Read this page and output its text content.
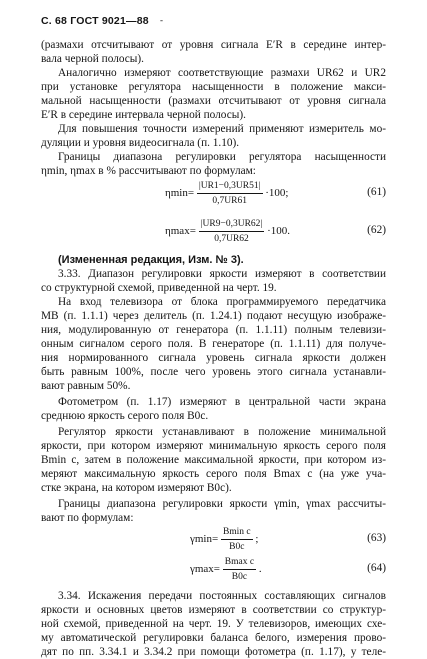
С. 68 ГОСТ 9021—88 -
(размахи отсчитывают от уровня сигнала E′R в середине интер-
вала черной полосы).
Аналогично измеряют соответствующие размахи UR62 и UR2
при установке регулятора насыщенности в положение макси-
мальной насыщенности (размахи отсчитывают от уровня сигнала
E′R в середине интервала черной полосы).
Для повышения точности измерений применяют измеритель мо-
дуляции и уровня видеосигнала (п. 1.10).
Границы диапазона регулировки регулятора насыщенности
ηmin, ηmax в % рассчитывают по формулам:
$\eta\min= \frac{|UR1-0,3UR51|}{0,7UR61} \cdot 100$;	(61)
$\eta\max= \frac{|UR9-0,3UR62|}{0,7UR62} \cdot 100$.	(62)
(Измененная редакция, Изм. № 3).
3.33. Диапазон регулировки яркости измеряют в соответствии
со структурной схемой, приведенной на черт. 19.
На вход телевизора от блока программируемого передатчика
МВ (п. 1.1.1) через делитель (п. 1.24.1) подают несущую изображе-
ния, модулированную от генератора (п. 1.1.11) полным телевизи-
онным сигналом серого поля. В генераторе (п. 1.1.11) для получе-
ния нормированного сигнала уровень сигнала яркости должен
быть равным 100%, после чего уровень этого сигнала устанавли-
вают равным 50%.
Фотометром (п. 1.17) измеряют в центральной части экрана
среднюю яркость серого поля B0c.
Регулятор яркости устанавливают в положение минимальной
яркости, при котором измеряют минимальную яркость серого поля
Bmin c, затем в положение максимальной яркости, при котором из-
меряют максимальную яркость серого поля Bmax c (на уже уча-
стке экрана, на котором измеряют B0c).
Границы диапазона регулировки яркости γmin, γmax рассчиты-
вают по формулам:
$\gamma\min= \frac{\text{Bmin c}}{B0c}$ ;	(63)
$\gamma\max= \frac{\text{Bmax c}}{B0c}$ .	(64)
3.34. Искажения передачи постоянных составляющих сигналов
яркости и основных цветов измеряют в соответствии со структур-
ной схемой, приведенной на черт. 19. У телевизоров, имеющих схе-
му автоматической регулировки баланса белого, измерения прово-
дят по пп. 3.34.1 и 3.34.2 при помощи фотометра (п. 1.17), у теле-
